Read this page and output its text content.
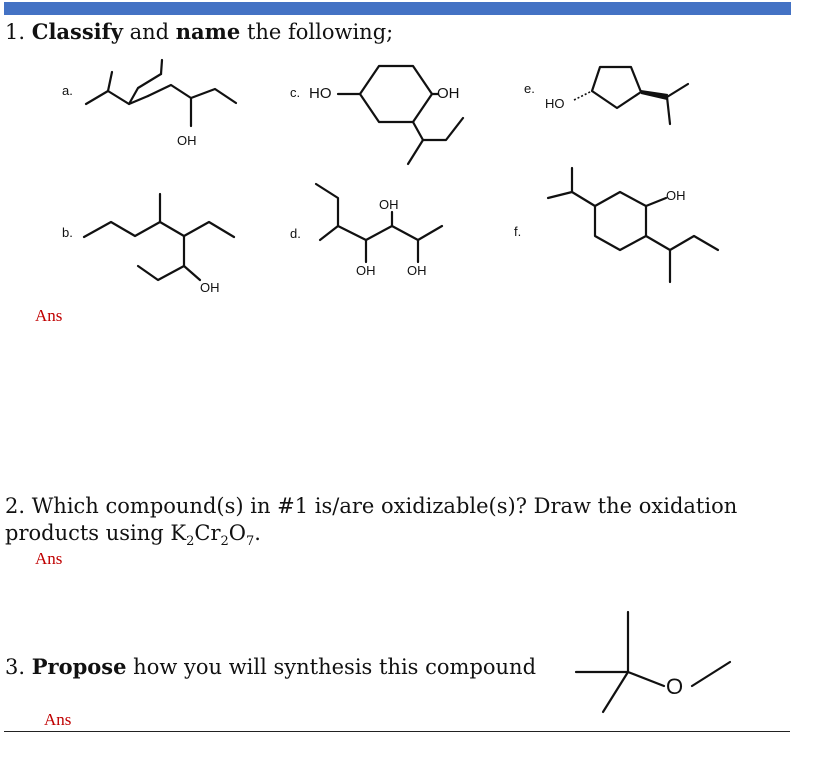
1. Classify and name the following;
a.
OH
c. HO	OH	e.
HO
b.
OH
d.
OH
OH OH
f.
OH
Ans
2. Which compound(s) in #1 is/are oxidizable(s)? Draw the oxidation
products using $K_2Cr_2O_7$.
Ans
3. Propose how you will synthesis this compound
O
Ans
